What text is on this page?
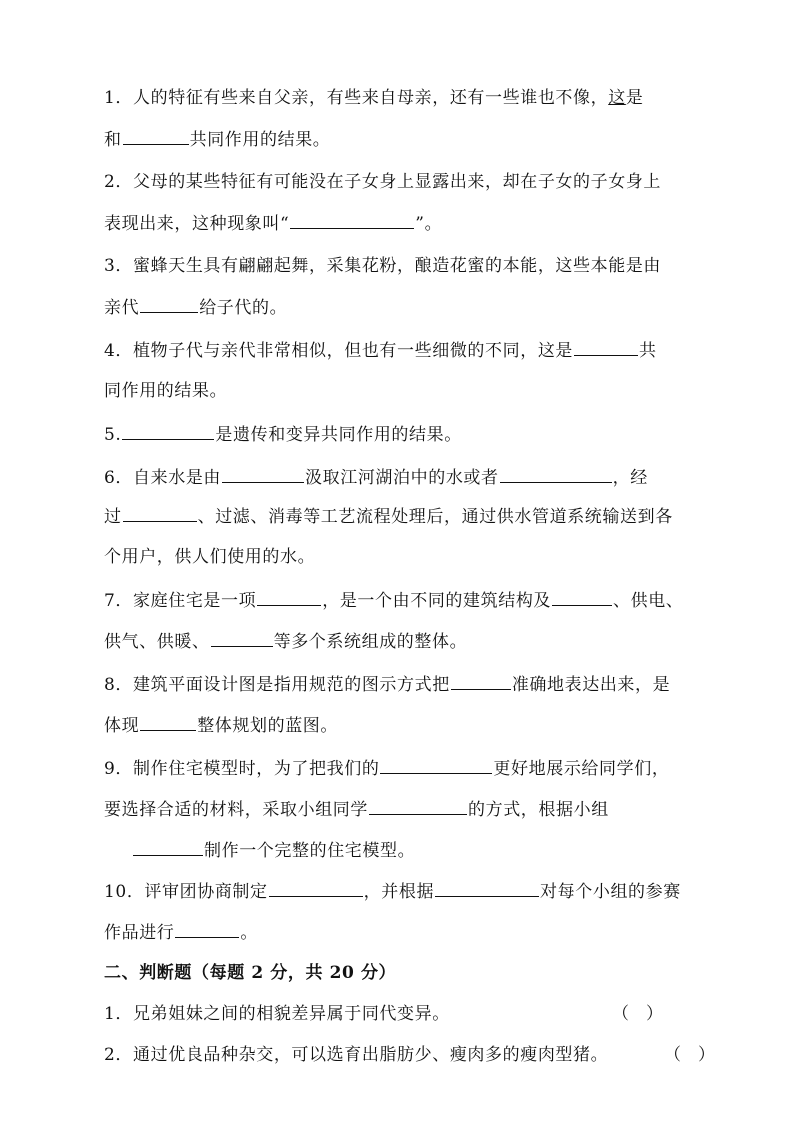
1．人的特征有些来自父亲，有些来自母亲，还有一些谁也不像，这是
和	共同作用的结果。
2．父母的某些特征有可能没在子女身上显露出来，却在子女的子女身上
表现出来，这种现象叫“	”。
3．蜜蜂天生具有翩翩起舞，采集花粉，酿造花蜜的本能，这些本能是由
亲代	给子代的。
4．植物子代与亲代非常相似，但也有一些细微的不同，这是	共
同作用的结果。
5.	是遗传和变异共同作用的结果。
6．自来水是由	汲取江河湖泊中的水或者	，经
过	、过滤、消毒等工艺流程处理后，通过供水管道系统输送到各
个用户，供人们使用的水。
7．家庭住宅是一项	，是一个由不同的建筑结构及	、供电、
供气、供暖、	等多个系统组成的整体。
8．建筑平面设计图是指用规范的图示方式把	准确地表达出来，是
体现	整体规划的蓝图。
9．制作住宅模型时，为了把我们的	更好地展示给同学们，
要选择合适的材料，采取小组同学	的方式，根据小组
制作一个完整的住宅模型。
10．评审团协商制定	，并根据	对每个小组的参赛
作品进行	。
二、判断题（每题 2 分，共 20 分）
1．兄弟姐妹之间的相貌差异属于同代变异。	（　）
2．通过优良品种杂交，可以选育出脂肪少、瘦肉多的瘦肉型猪。	（　）
